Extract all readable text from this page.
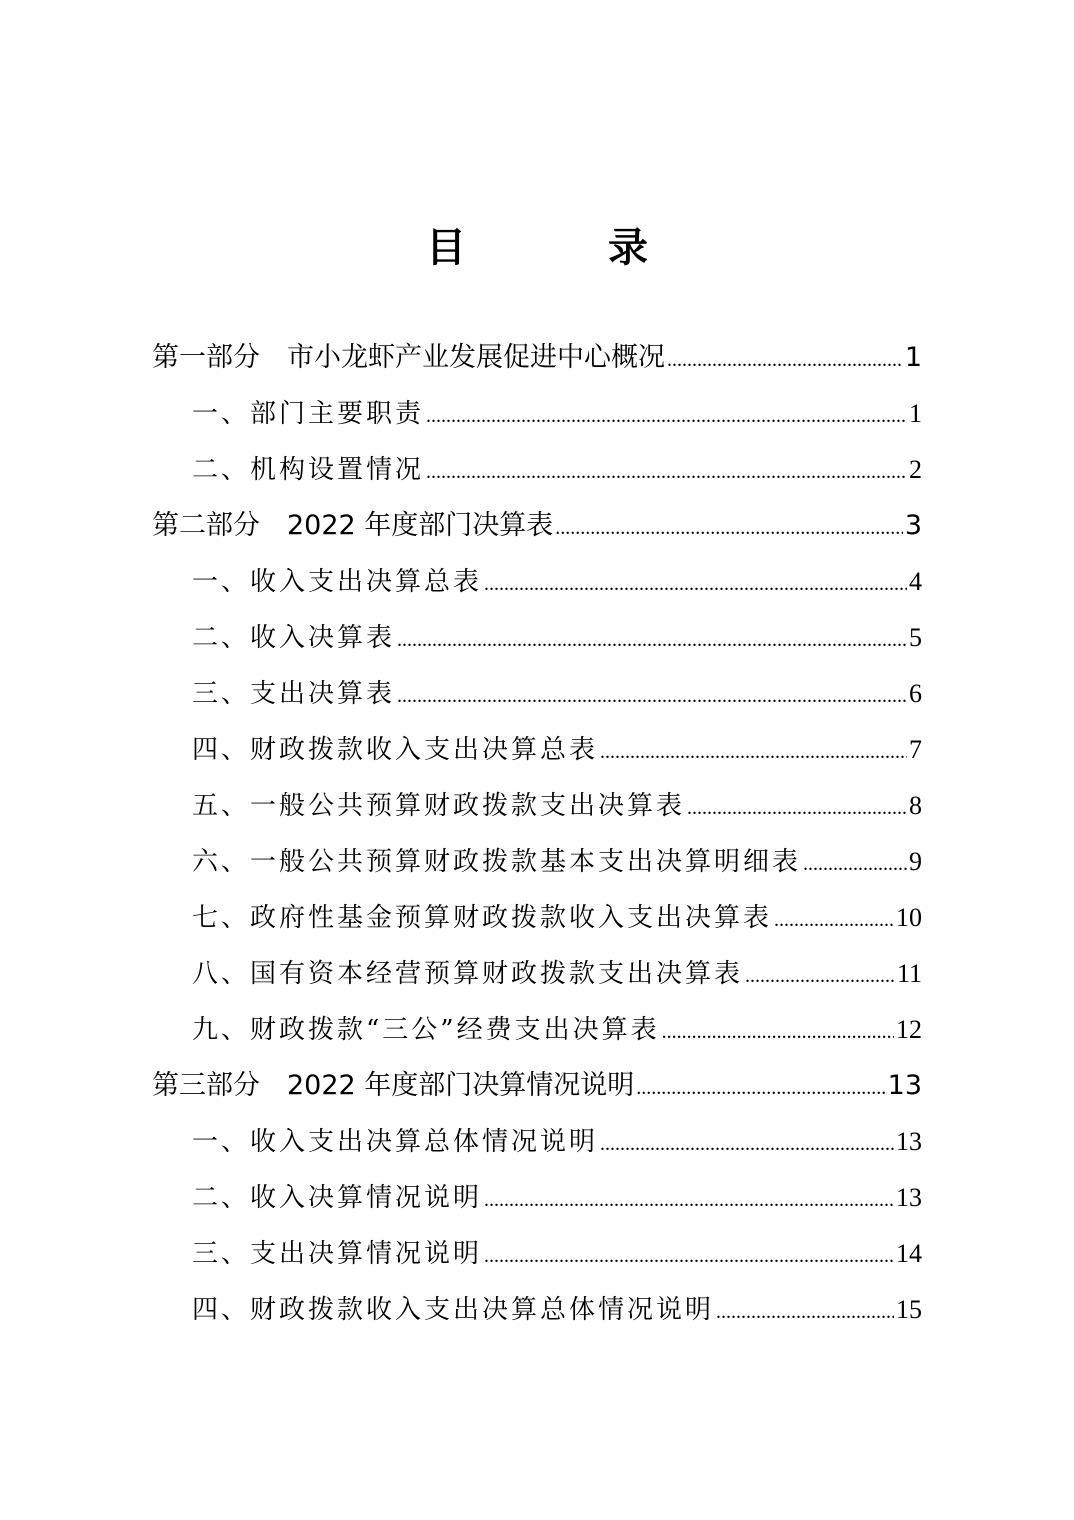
目 录
第一部分　市小龙虾产业发展促进中心概况 .....	1
一、部门主要职责 .....	1
二、机构设置情况 .....	2
第二部分　2022 年度部门决算表 .....	3
一、收入支出决算总表 .....	4
二、收入决算表 .....	5
三、支出决算表 .....	6
四、财政拨款收入支出决算总表 .....	7
五、一般公共预算财政拨款支出决算表 .....	8
六、一般公共预算财政拨款基本支出决算明细表 .....	9
七、政府性基金预算财政拨款收入支出决算表 .....	10
八、国有资本经营预算财政拨款支出决算表 .....	11
九、财政拨款“三公”经费支出决算表 .....	12
第三部分　2022 年度部门决算情况说明 .....	13
一、收入支出决算总体情况说明 .....	13
二、收入决算情况说明 .....	13
三、支出决算情况说明 .....	14
四、财政拨款收入支出决算总体情况说明 .....	15
